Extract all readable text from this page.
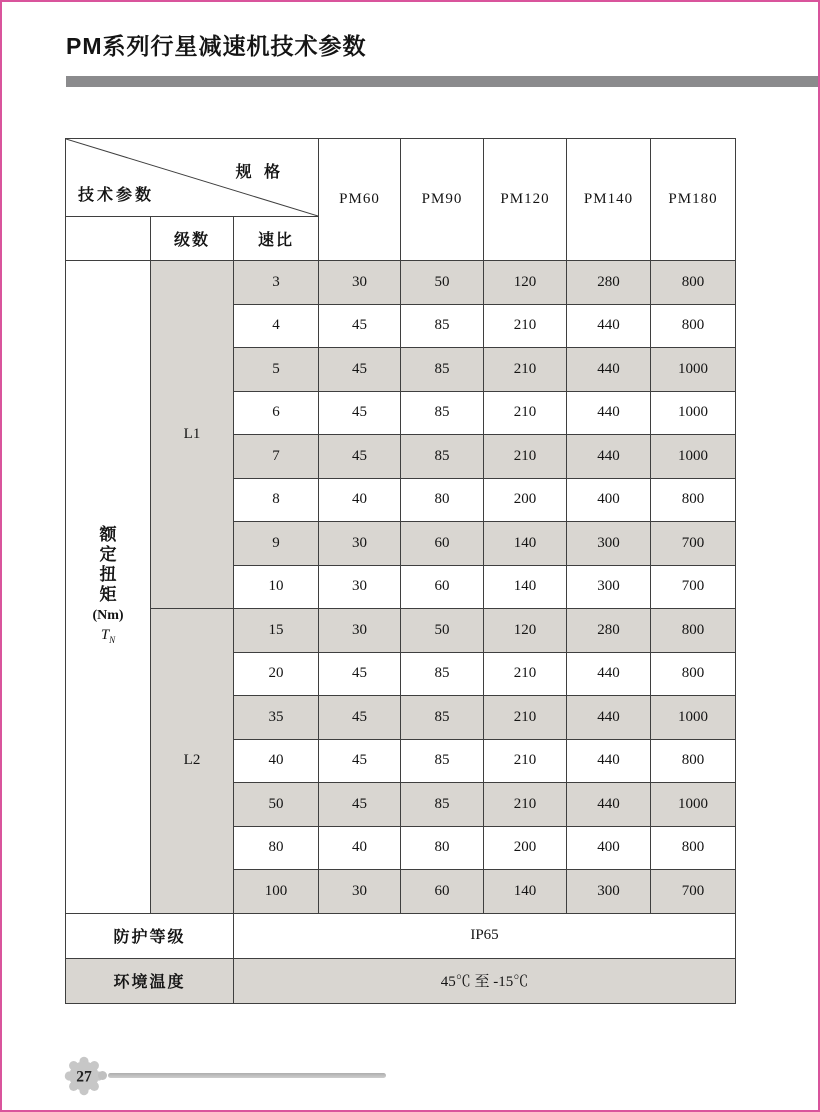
PM系列行星减速机技术参数
规 格
技术参数			PM60	PM90	PM120	PM140	PM180
	级数	速比					

额
定
扭
矩
(Nm)
$T_N$
	L1	3	30	50	120	280	800
		4	45	85	210	440	800
		5	45	85	210	440	1000
		6	45	85	210	440	1000
		7	45	85	210	440	1000
		8	40	80	200	400	800
		9	30	60	140	300	700
		10	30	60	140	300	700
	L2	15	30	50	120	280	800
		20	45	85	210	440	800
		35	45	85	210	440	1000
		40	45	85	210	440	800
		50	45	85	210	440	1000
		80	40	80	200	400	800
		100	30	60	140	300	700
防护等级		IP65					
环境温度		45℃ 至 -15℃					
27
